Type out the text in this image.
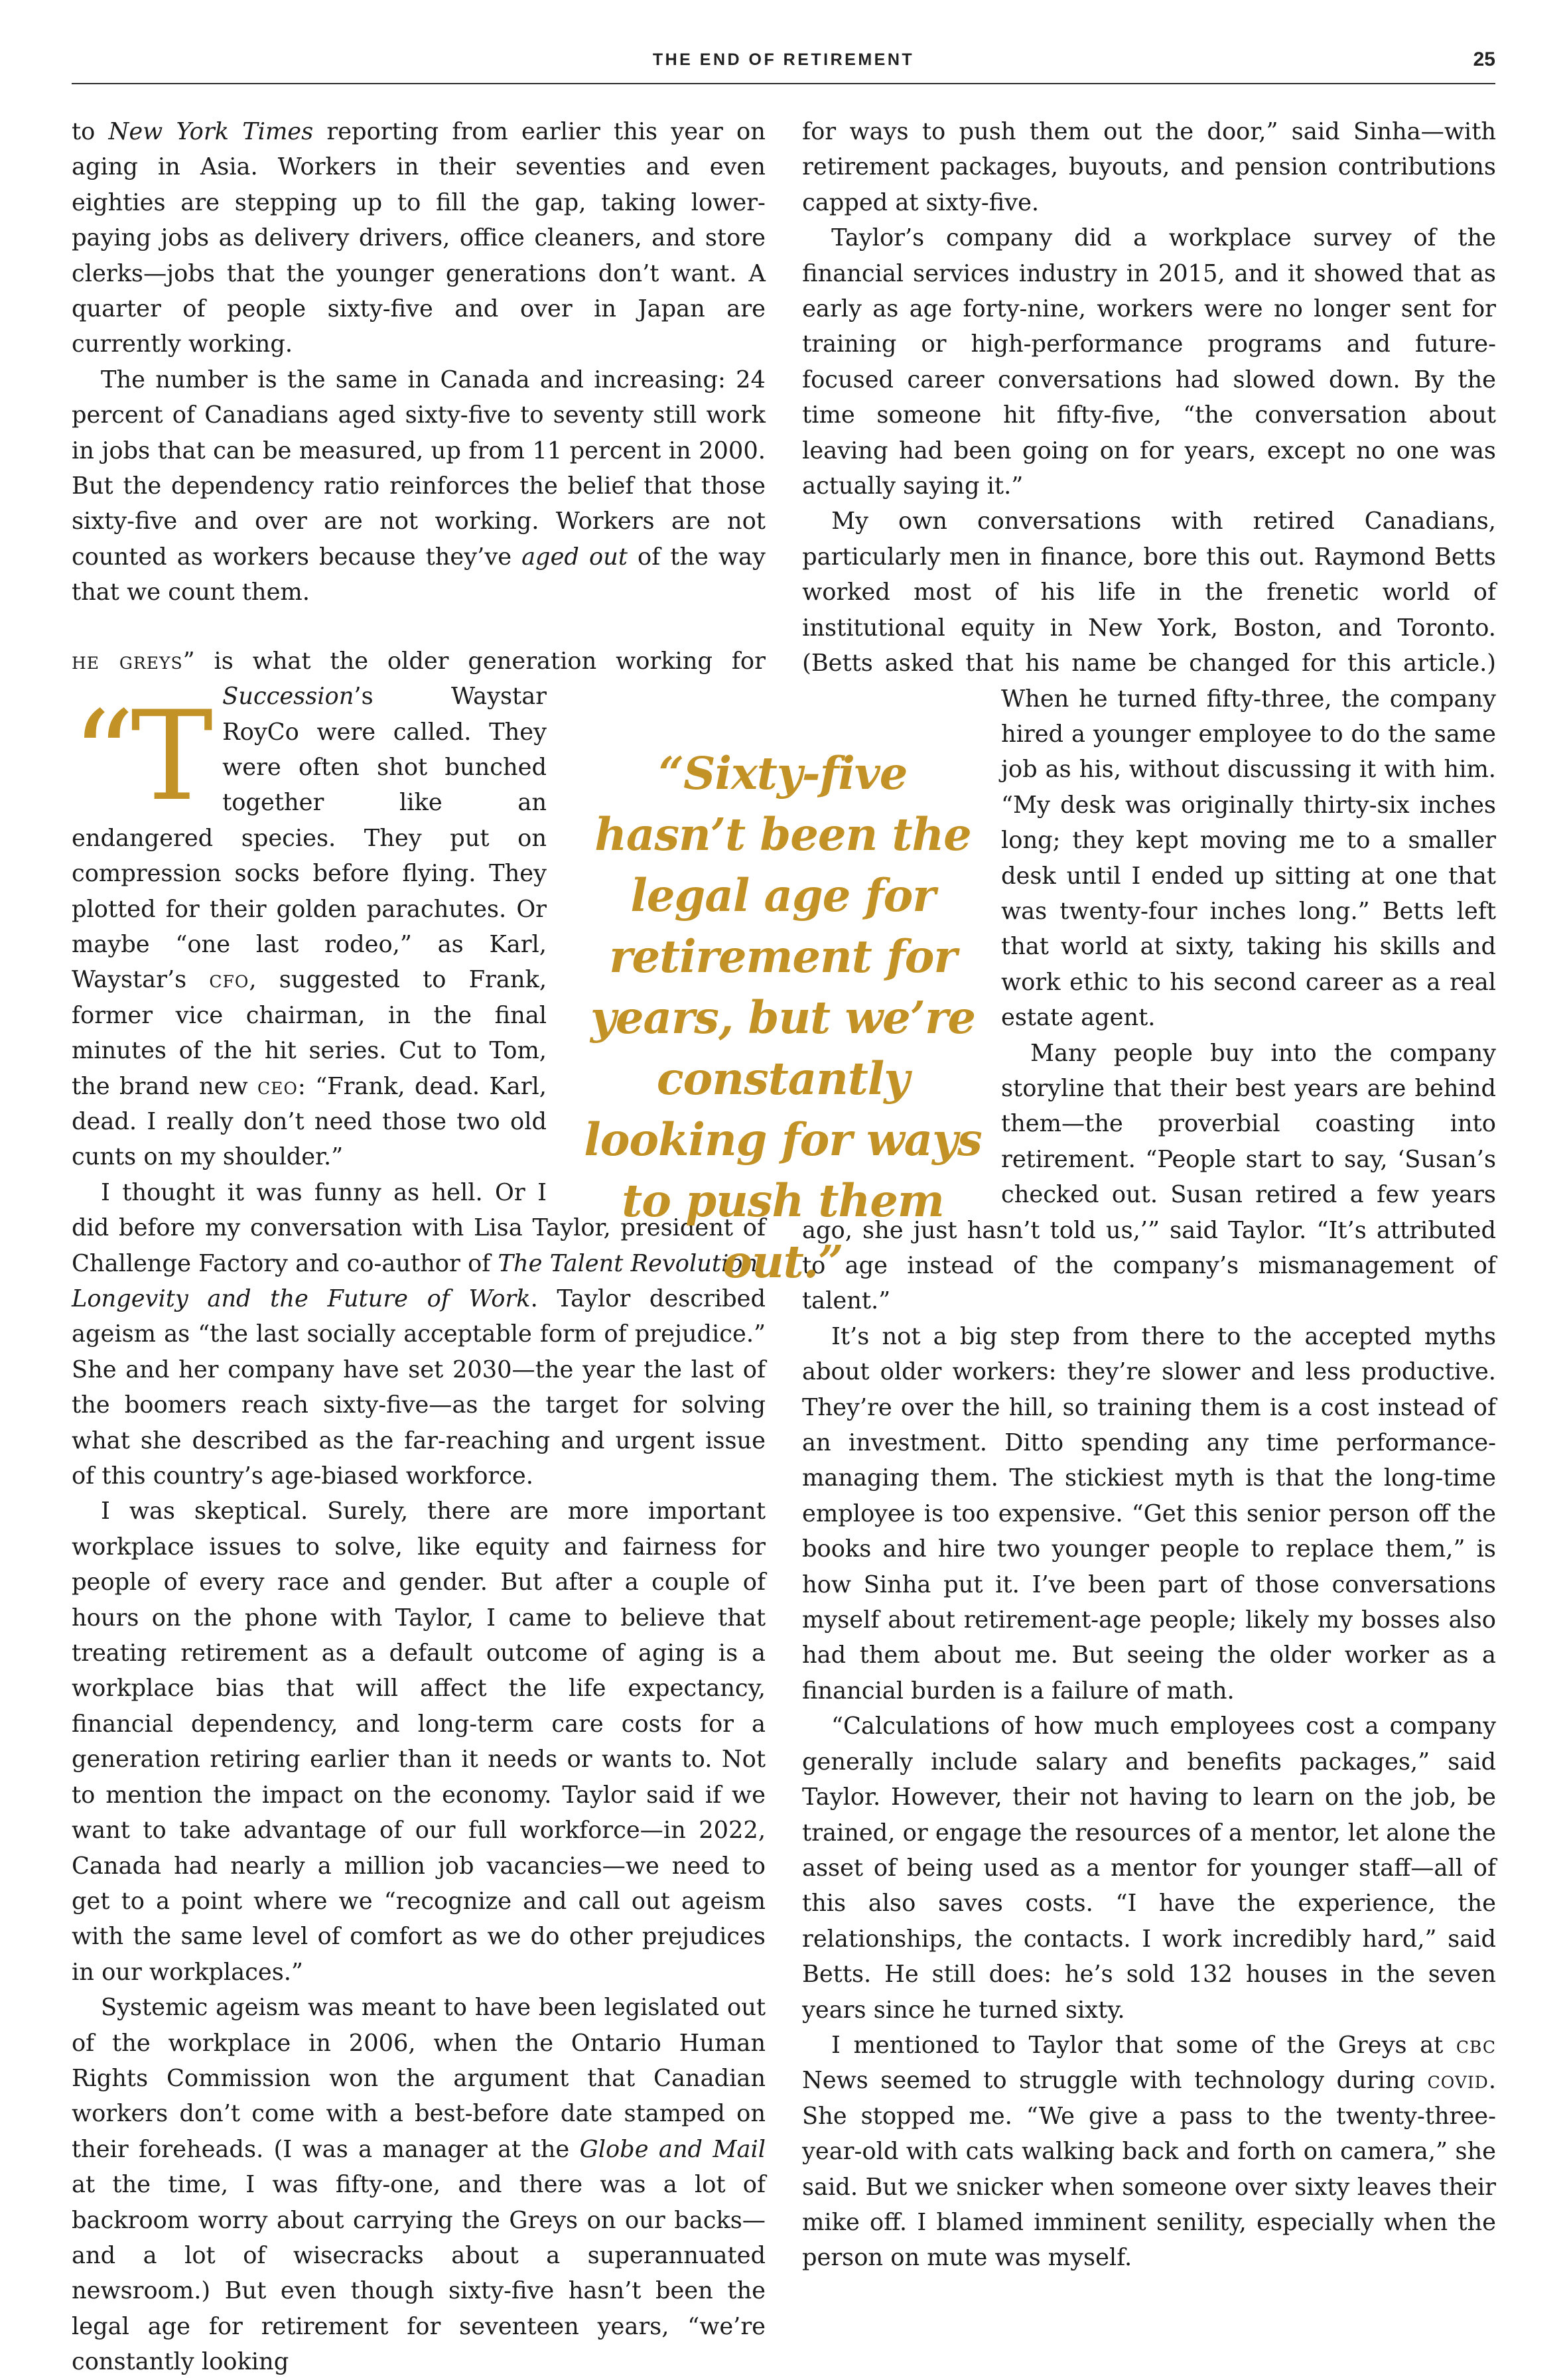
THE END OF RETIREMENT	25

to New York Times reporting from earlier this year on aging in Asia. Workers in their seventies and even eighties are stepping up to fill the gap, taking lower-paying jobs as delivery drivers, office cleaners, and store clerks—jobs that the younger generations don’t want. A quarter of people sixty-five and over in Japan are currently working.

The number is the same in Canada and increasing: 24 percent of Canadians aged sixty-five to seventy still work in jobs that can be measured, up from 11 percent in 2000. But the dependency ratio reinforces the belief that those sixty-five and over are not working. Workers are not counted as workers because they’ve aged out of the way that we count them.

“T
he greys” is what the older generation working for Succession’s Waystar RoyCo were called. They were often shot bunched together like an endangered species. They put on compression socks before flying. They plotted for their golden parachutes. Or maybe “one last rodeo,” as Karl, Waystar’s cfo, suggested to Frank, former vice chairman, in the final minutes of the hit series. Cut to Tom, the brand new ceo: “Frank, dead. Karl, dead. I really don’t need those two old cunts on my shoulder.”

I thought it was funny as hell. Or I did before my conversation with Lisa Taylor, president of Challenge Factory and co-author of The Talent Revolution: Longevity and the Future of Work. Taylor described ageism as “the last socially acceptable form of prejudice.” She and her company have set 2030—the year the last of the boomers reach sixty-five—as the target for solving what she described as the far-reaching and urgent issue of this country’s age-biased workforce.

I was skeptical. Surely, there are more important workplace issues to solve, like equity and fairness for people of every race and gender. But after a couple of hours on the phone with Taylor, I came to believe that treating retirement as a default outcome of aging is a workplace bias that will affect the life expectancy, financial dependency, and long-term care costs for a generation retiring earlier than it needs or wants to. Not to mention the impact on the economy. Taylor said if we want to take advantage of our full workforce—in 2022, Canada had nearly a million job vacancies—we need to get to a point where we “recognize and call out ageism with the same level of comfort as we do other prejudices in our workplaces.”

Systemic ageism was meant to have been legislated out of the workplace in 2006, when the Ontario Human Rights Commission won the argument that Canadian workers don’t come with a best-before date stamped on their foreheads. (I was a manager at the Globe and Mail at the time, I was fifty-one, and there was a lot of backroom worry about carrying the Greys on our backs—and a lot of wisecracks about a superannuated newsroom.) But even though sixty-five hasn’t been the legal age for retirement for seventeen years, “we’re constantly looking

for ways to push them out the door,” said Sinha—with retirement packages, buyouts, and pension contributions capped at sixty-five.

Taylor’s company did a workplace survey of the financial services industry in 2015, and it showed that as early as age forty-nine, workers were no longer sent for training or high-performance programs and future-focused career conversations had slowed down. By the time someone hit fifty-five, “the conversation about leaving had been going on for years, except no one was actually saying it.”

My own conversations with retired Canadians, particularly men in finance, bore this out. Raymond Betts worked most of his life in the frenetic world of institutional equity in New York, Boston, and Toronto. (Betts asked that his name be changed for this article.) When he turned fifty-three, the company hired a younger employee to do the same job as his, without discussing it with him. “My desk was originally thirty-six inches long; they kept moving me to a smaller desk until I ended up sitting at one that was twenty-four inches long.” Betts left that world at sixty, taking his skills and work ethic to his second career as a real estate agent.

Many people buy into the company storyline that their best years are behind them—the proverbial coasting into retirement. “People start to say, ‘Susan’s checked out. Susan retired a few years ago, she just hasn’t told us,’” said Taylor. “It’s attributed to age instead of the company’s mismanagement of talent.”

It’s not a big step from there to the accepted myths about older workers: they’re slower and less productive. They’re over the hill, so training them is a cost instead of an investment. Ditto spending any time performance-managing them. The stickiest myth is that the long-time employee is too expensive. “Get this senior person off the books and hire two younger people to replace them,” is how Sinha put it. I’ve been part of those conversations myself about retirement-age people; likely my bosses also had them about me. But seeing the older worker as a financial burden is a failure of math.

“Calculations of how much employees cost a company generally include salary and benefits packages,” said Taylor. However, their not having to learn on the job, be trained, or engage the resources of a mentor, let alone the asset of being used as a mentor for younger staff—all of this also saves costs. “I have the experience, the relationships, the contacts. I work incredibly hard,” said Betts. He still does: he’s sold 132 houses in the seven years since he turned sixty.

I mentioned to Taylor that some of the Greys at cbc News seemed to struggle with technology during covid. She stopped me. “We give a pass to the twenty-three-year-old with cats walking back and forth on camera,” she said. But we snicker when someone over sixty leaves their mike off. I blamed imminent senility, especially when the person on mute was myself.

“Sixty-five hasn’t been the legal age for retirement for years, but we’re constantly looking for ways to push them out.”
